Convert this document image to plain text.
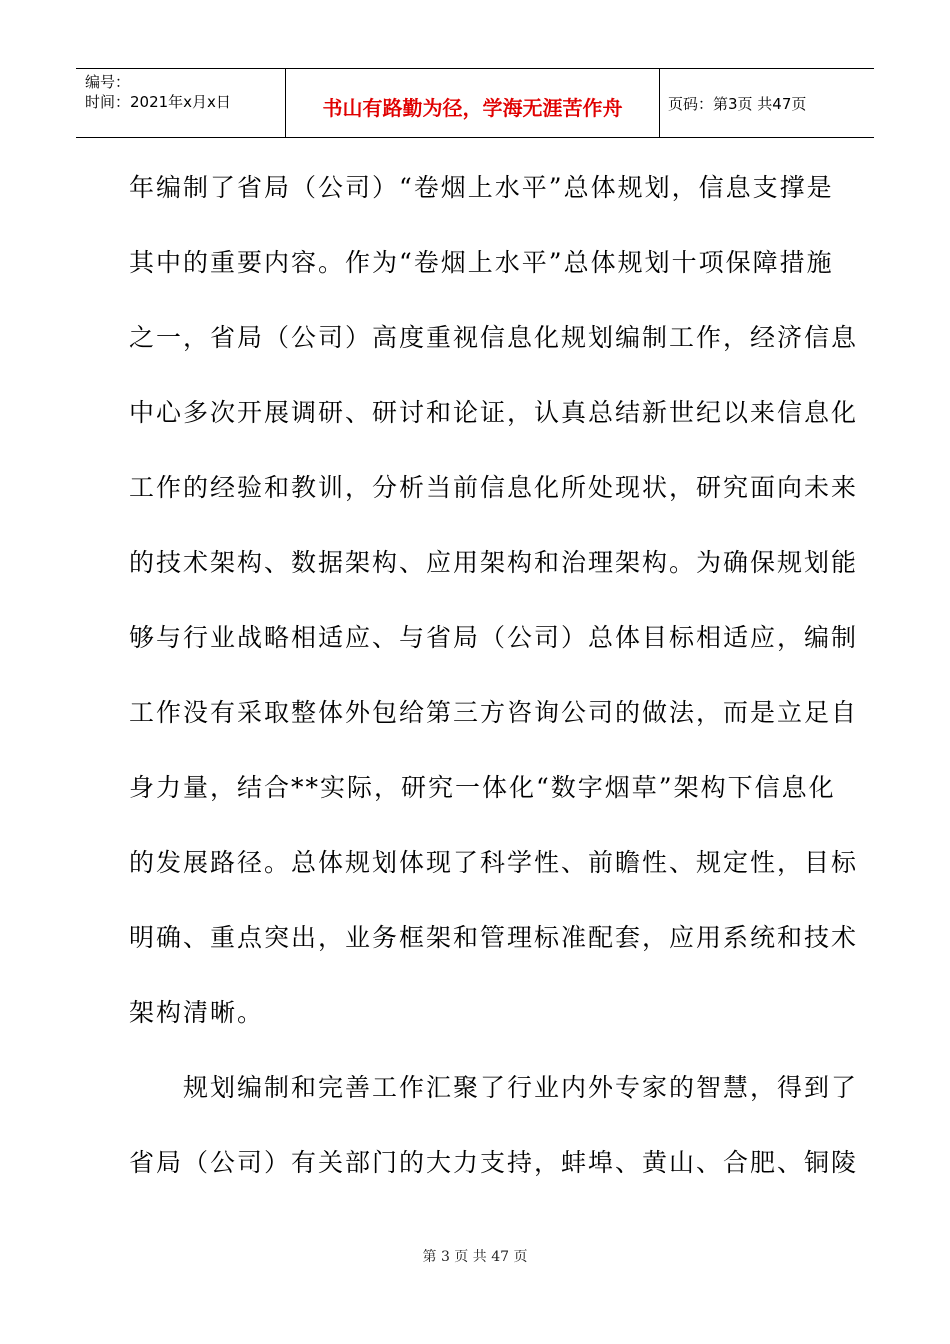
编号：
时间：2021年x月x日	书山有路勤为径，学海无涯苦作舟	页码：第3页 共47页
年编制了省局（公司）“卷烟上水平”总体规划，信息支撑是
其中的重要内容。作为“卷烟上水平”总体规划十项保障措施
之一，省局（公司）高度重视信息化规划编制工作，经济信息
中心多次开展调研、研讨和论证，认真总结新世纪以来信息化
工作的经验和教训，分析当前信息化所处现状，研究面向未来
的技术架构、数据架构、应用架构和治理架构。为确保规划能
够与行业战略相适应、与省局（公司）总体目标相适应，编制
工作没有采取整体外包给第三方咨询公司的做法，而是立足自
身力量，结合**实际，研究一体化“数字烟草”架构下信息化
的发展路径。总体规划体现了科学性、前瞻性、规定性，目标
明确、重点突出，业务框架和管理标准配套，应用系统和技术
架构清晰。
　　规划编制和完善工作汇聚了行业内外专家的智慧，得到了
省局（公司）有关部门的大力支持，蚌埠、黄山、合肥、铜陵
第 3 页 共 47 页
